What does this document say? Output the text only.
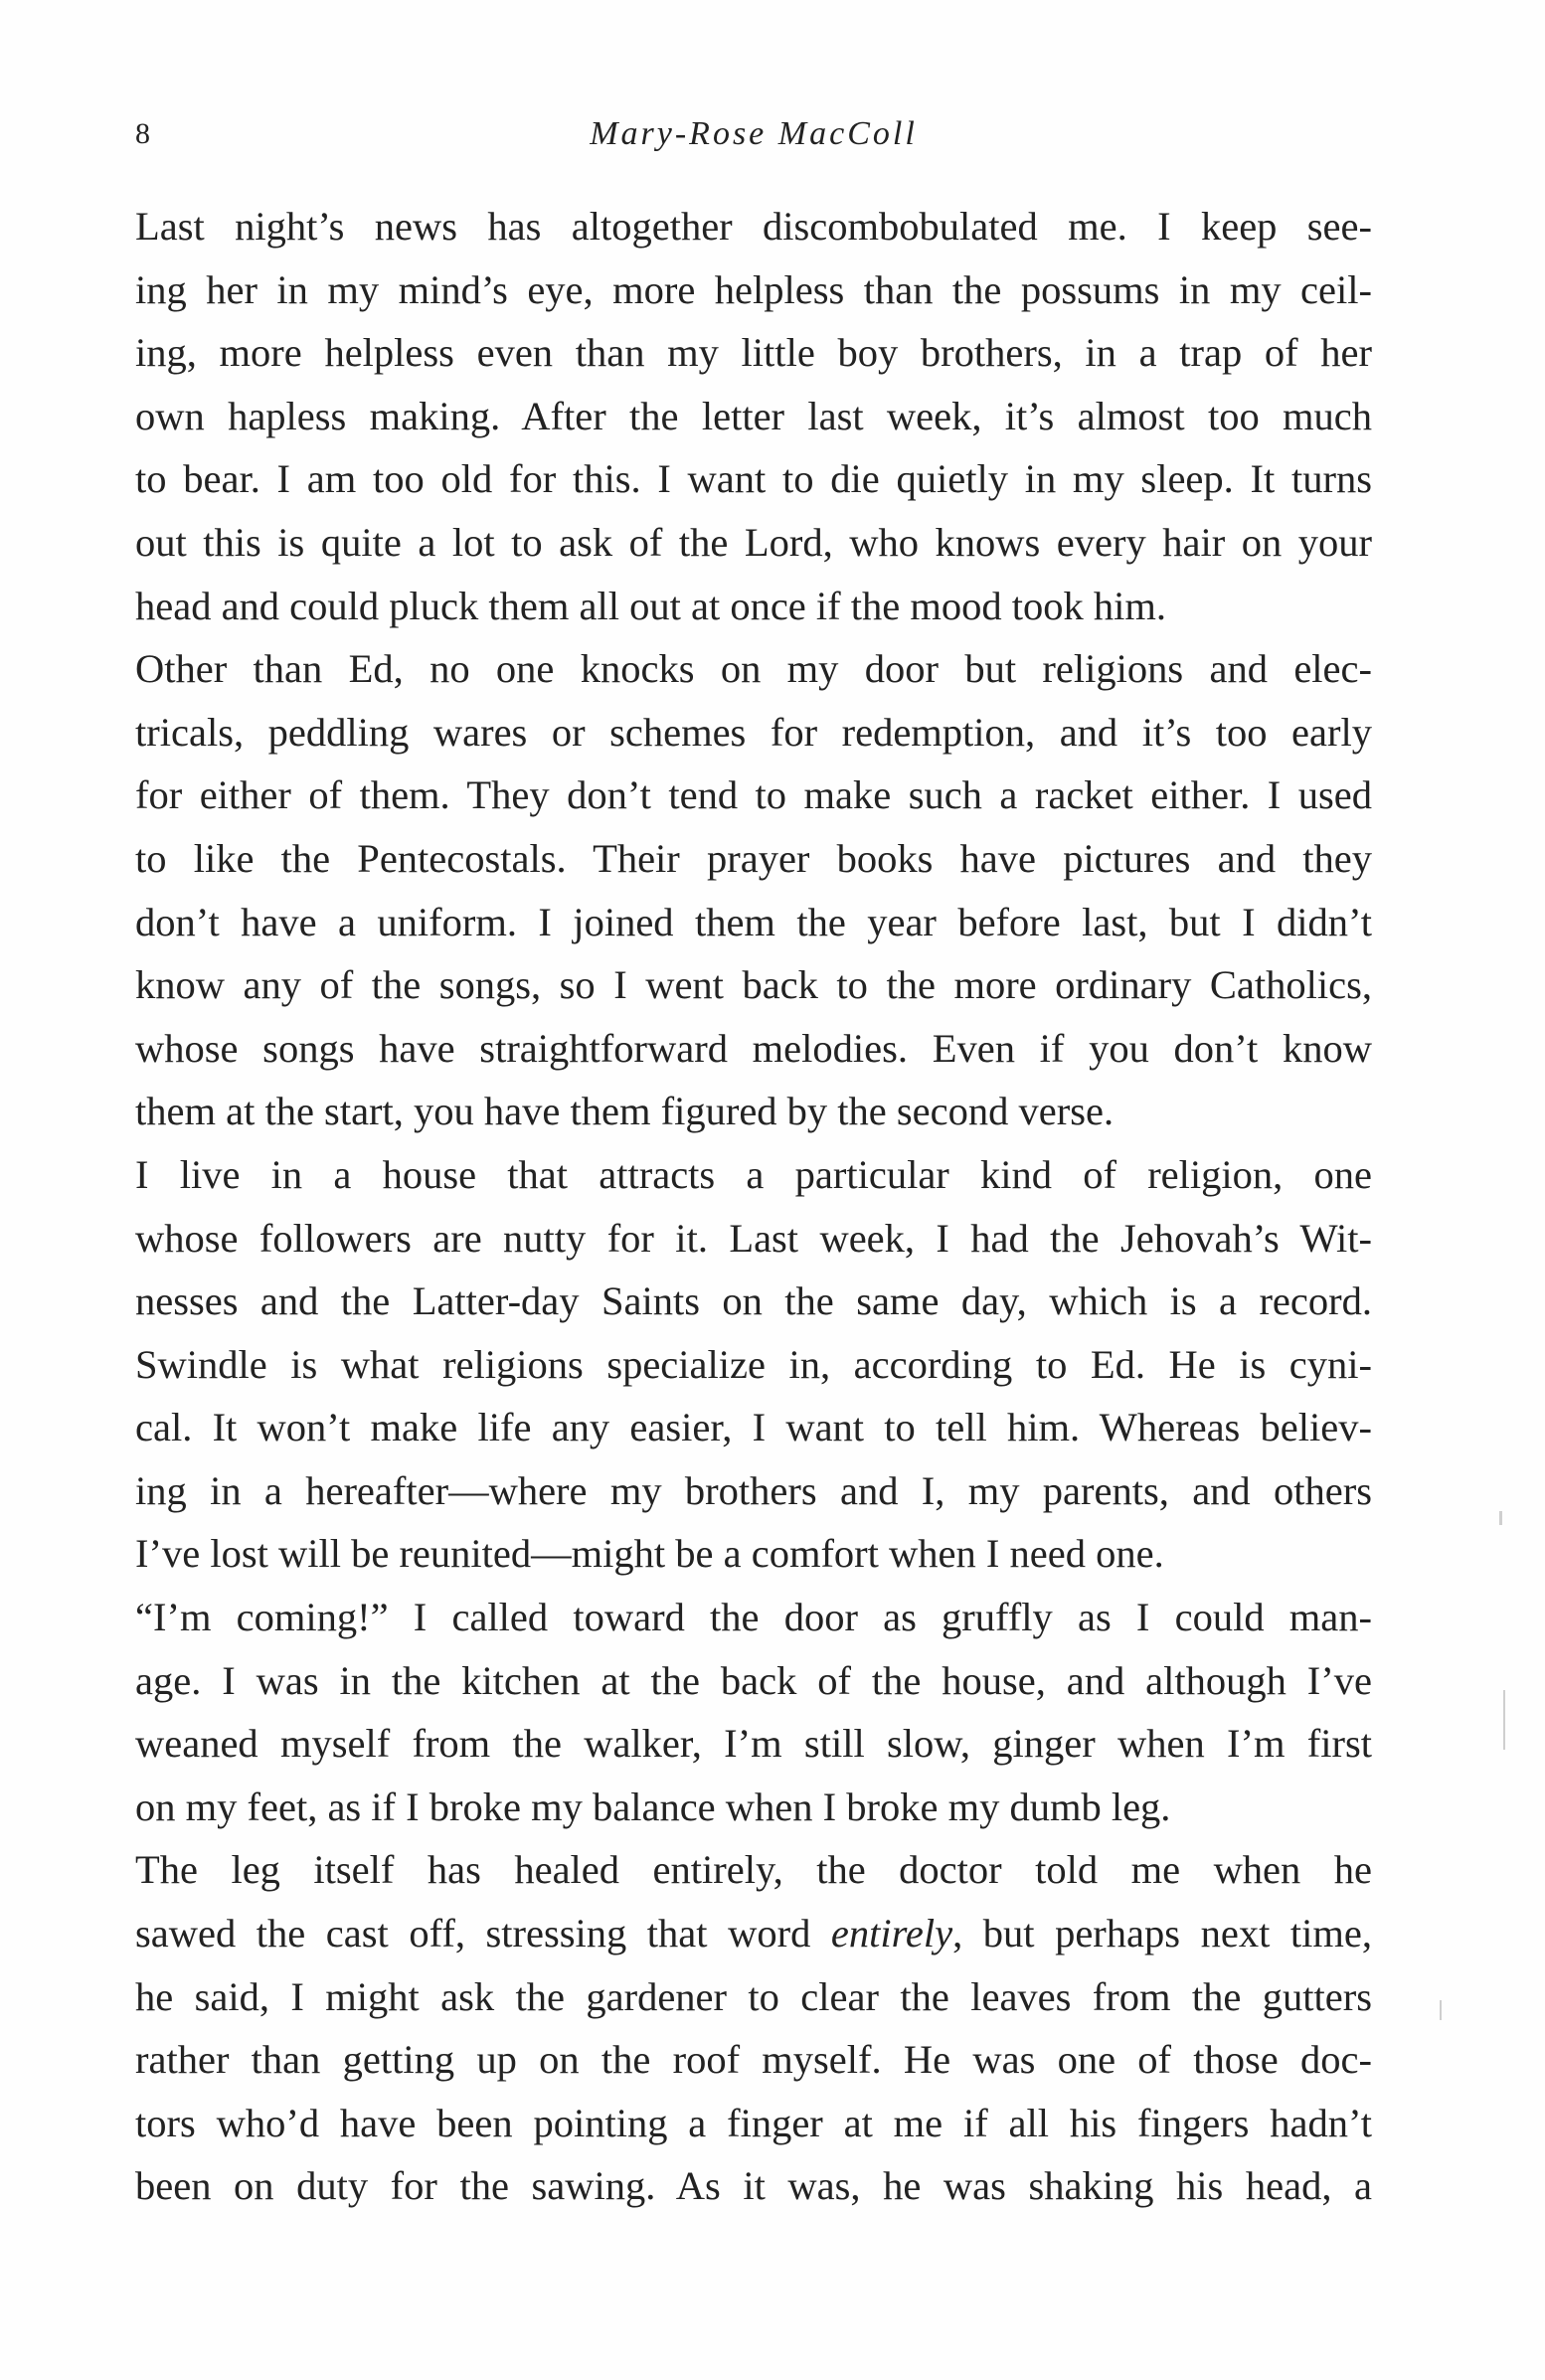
8	Mary-Rose MacColl

Last night’s news has altogether discombobulated me. I keep see-
ing her in my mind’s eye, more helpless than the possums in my ceil-
ing, more helpless even than my little boy brothers, in a trap of her
own hapless making. After the letter last week, it’s almost too much
to bear. I am too old for this. I want to die quietly in my sleep. It turns
out this is quite a lot to ask of the Lord, who knows every hair on your
head and could pluck them all out at once if the mood took him.

Other than Ed, no one knocks on my door but religions and elec-
tricals, peddling wares or schemes for redemption, and it’s too early
for either of them. They don’t tend to make such a racket either. I used
to like the Pentecostals. Their prayer books have pictures and they
don’t have a uniform. I joined them the year before last, but I didn’t
know any of the songs, so I went back to the more ordinary Catholics,
whose songs have straightforward melodies. Even if you don’t know
them at the start, you have them figured by the second verse.

I live in a house that attracts a particular kind of religion, one
whose followers are nutty for it. Last week, I had the Jehovah’s Wit-
nesses and the Latter-day Saints on the same day, which is a record.
Swindle is what religions specialize in, according to Ed. He is cyni-
cal. It won’t make life any easier, I want to tell him. Whereas believ-
ing in a hereafter—where my brothers and I, my parents, and others
I’ve lost will be reunited—might be a comfort when I need one.

“I’m coming!” I called toward the door as gruffly as I could man-
age. I was in the kitchen at the back of the house, and although I’ve
weaned myself from the walker, I’m still slow, ginger when I’m first
on my feet, as if I broke my balance when I broke my dumb leg.

The leg itself has healed entirely, the doctor told me when he
sawed the cast off, stressing that word entirely, but perhaps next time,
he said, I might ask the gardener to clear the leaves from the gutters
rather than getting up on the roof myself. He was one of those doc-
tors who’d have been pointing a finger at me if all his fingers hadn’t
been on duty for the sawing. As it was, he was shaking his head, a
